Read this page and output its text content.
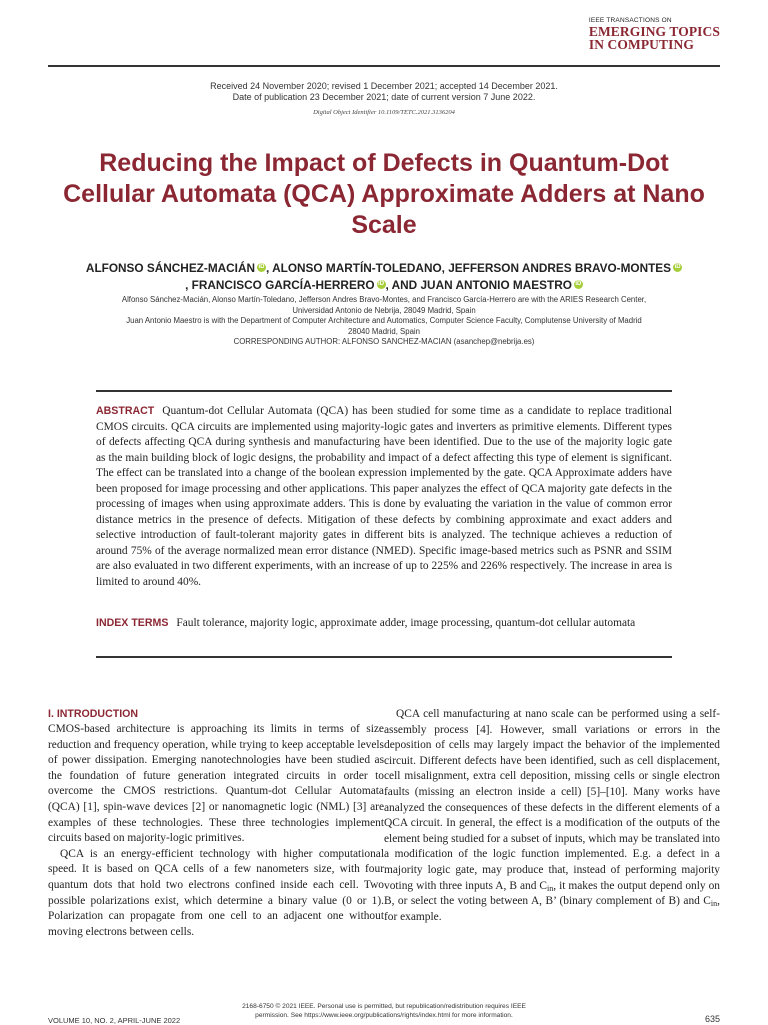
IEEE TRANSACTIONS ON
EMERGING TOPICS
IN COMPUTING
Received 24 November 2020; revised 1 December 2021; accepted 14 December 2021.
Date of publication 23 December 2021; date of current version 7 June 2022.
Digital Object Identifier 10.1109/TETC.2021.3136204
Reducing the Impact of Defects in Quantum-Dot Cellular Automata (QCA) Approximate Adders at Nano Scale
ALFONSO SÁNCHEZ-MACIÁN iD , ALONSO MARTÍN-TOLEDANO, JEFFERSON ANDRES BRAVO-MONTES iD
, FRANCISCO GARCÍA-HERRERO iD , AND JUAN ANTONIO MAESTRO iD
Alfonso Sánchez-Macián, Alonso Martín-Toledano, Jefferson Andres Bravo-Montes, and Francisco García-Herrero are with the ARIES Research Center,
Universidad Antonio de Nebrija, 28049 Madrid, Spain
Juan Antonio Maestro is with the Department of Computer Architecture and Automatics, Computer Science Faculty, Complutense University of Madrid
28040 Madrid, Spain
CORRESPONDING AUTHOR: ALFONSO SANCHEZ-MACIAN (asanchep@nebrija.es)
ABSTRACT Quantum-dot Cellular Automata (QCA) has been studied for some time as a candidate to replace traditional CMOS circuits. QCA circuits are implemented using majority-logic gates and inverters as primitive elements. Different types of defects affecting QCA during synthesis and manufacturing have been identified. Due to the use of the majority logic gate as the main building block of logic designs, the probability and impact of a defect affecting this type of element is significant. The effect can be translated into a change of the boolean expression implemented by the gate. QCA Approximate adders have been proposed for image processing and other applications. This paper analyzes the effect of QCA majority gate defects in the processing of images when using approximate adders. This is done by evaluating the variation in the value of common error distance metrics in the presence of defects. Mitigation of these defects by combining approximate and exact adders and selective introduction of fault-tolerant majority gates in different bits is analyzed. The technique achieves a reduction of around 75% of the average normalized mean error distance (NMED). Specific image-based metrics such as PSNR and SSIM are also evaluated in two different experiments, with an increase of up to 225% and 226% respectively. The increase in area is limited to around 40%.
INDEX TERMS Fault tolerance, majority logic, approximate adder, image processing, quantum-dot cellular automata
I. INTRODUCTION

CMOS-based architecture is approaching its limits in terms of size reduction and frequency operation, while trying to keep acceptable levels of power dissipation. Emerging nanotechnologies have been studied as the foundation of future generation integrated circuits in order to overcome the CMOS restrictions. Quantum-dot Cellular Automata (QCA) [1], spin-wave devices [2] or nanomagnetic logic (NML) [3] are examples of these technologies. These three technologies implement circuits based on majority-logic primitives.

QCA is an energy-efficient technology with higher computational speed. It is based on QCA cells of a few nanometers size, with four quantum dots that hold two electrons confined inside each cell. Two possible polarizations exist, which determine a binary value (0 or 1). Polarization can propagate from one cell to an adjacent one without moving electrons between cells.

QCA cell manufacturing at nano scale can be performed using a self-assembly process [4]. However, small variations or errors in the deposition of cells may largely impact the behavior of the implemented circuit. Different defects have been identified, such as cell displacement, cell misalignment, extra cell deposition, missing cells or single electron faults (missing an electron inside a cell) [5]–[10]. Many works have analyzed the consequences of these defects in the different elements of a QCA circuit. In general, the effect is a modification of the outputs of the element being studied for a subset of inputs, which may be translated into a modification of the logic function implemented. E.g. a defect in a majority logic gate, may produce that, instead of performing majority voting with three inputs A, B and $C_{in}$, it makes the output depend only on B, or select the voting between A, B’ (binary complement of B) and $C_{in}$, for example.

VOLUME 10, NO. 2, APRIL-JUNE 2022
2168-6750 © 2021 IEEE. Personal use is permitted, but republication/redistribution requires IEEE
permission. See https://www.ieee.org/publications/rights/index.html for more information.	635
